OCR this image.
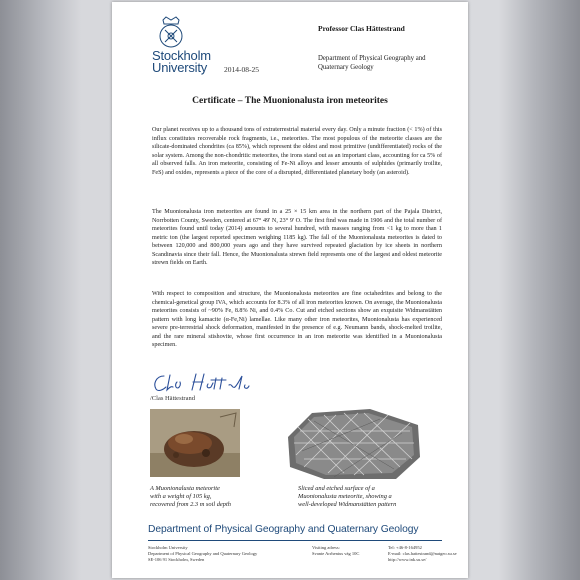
Stockholm
University	2014-08-25
Professor Clas Hättestrand
Department of Physical Geography and
Quaternary Geology
Certificate – The Muonionalusta iron meteorites

Our planet receives up to a thousand tons of extraterrestrial material every day. Only a minute fraction (< 1%) of this influx constitutes recoverable rock fragments, i.e., meteorites. The most populous of the meteorite classes are the silicate-dominated chondrites (ca 85%), which represent the oldest and most primitive (undifferentiated) rocks of the solar system. Among the non-chondritic meteorites, the irons stand out as an important class, accounting for ca 5% of all observed falls. An iron meteorite, consisting of Fe-Ni alloys and lesser amounts of sulphides (primarily troilite, FeS) and oxides, represents a piece of the core of a disrupted, differentiated planetary body (an asteroid).

The Muonionalusta iron meteorites are found in a 25 × 15 km area in the northern part of the Pajala District, Norrbotten County, Sweden, centered at 67° 49' N, 23° 9' O. The first find was made in 1906 and the total number of meteorites found until today (2014) amounts to several hundred, with masses ranging from <1 kg to more than 1 metric ton (the largest reported specimen weighing 1185 kg). The fall of the Muonionalusta meteorites is dated to between 120,000 and 800,000 years ago and they have survived repeated glaciation by ice sheets in northern Scandinavia since their fall. Hence, the Muonionalusta strewn field represents one of the largest and oldest meteorite strewn fields on Earth.

With respect to composition and structure, the Muonionalusta meteorites are fine octahedrites and belong to the chemical-genetical group IVA, which accounts for 8.3% of all iron meteorites known. On average, the Muonionalusta meteorites consists of ~90% Fe, 8.8% Ni, and 0.4% Co. Cut and etched sections show an exquisite Widmanstätten pattern with long kamacite (α-Fe,Ni) lamellae. Like many other iron meteorites, Muonionalusta has experienced severe pre-terrestrial shock deformation, manifested in the presence of e.g. Neumann bands, shock-melted troilite, and the rare mineral stishovite, whose first occurrence in an iron meteorite was identified in a Muonionalusta specimen.

/Clas Hättestrand
A Muonionalusta meteorite
with a weight of 105 kg,
recovered from 2.3 m soil depth
Sliced and etched surface of a
Muonionalusta meteorite, showing a
well-developed Widmanstätten pattern
Department of Physical Geography and Quaternary Geology
Stockholm University
Department of Physical Geography and Quaternary Geology
SE-106 91 Stockholm, Sweden
Visiting adress:
Svante Arrhenius väg 10C
Tel: +46-8-164952
E-mail: clas.hattestrand@natgeo.su.se
http://www.ink.su.se/
